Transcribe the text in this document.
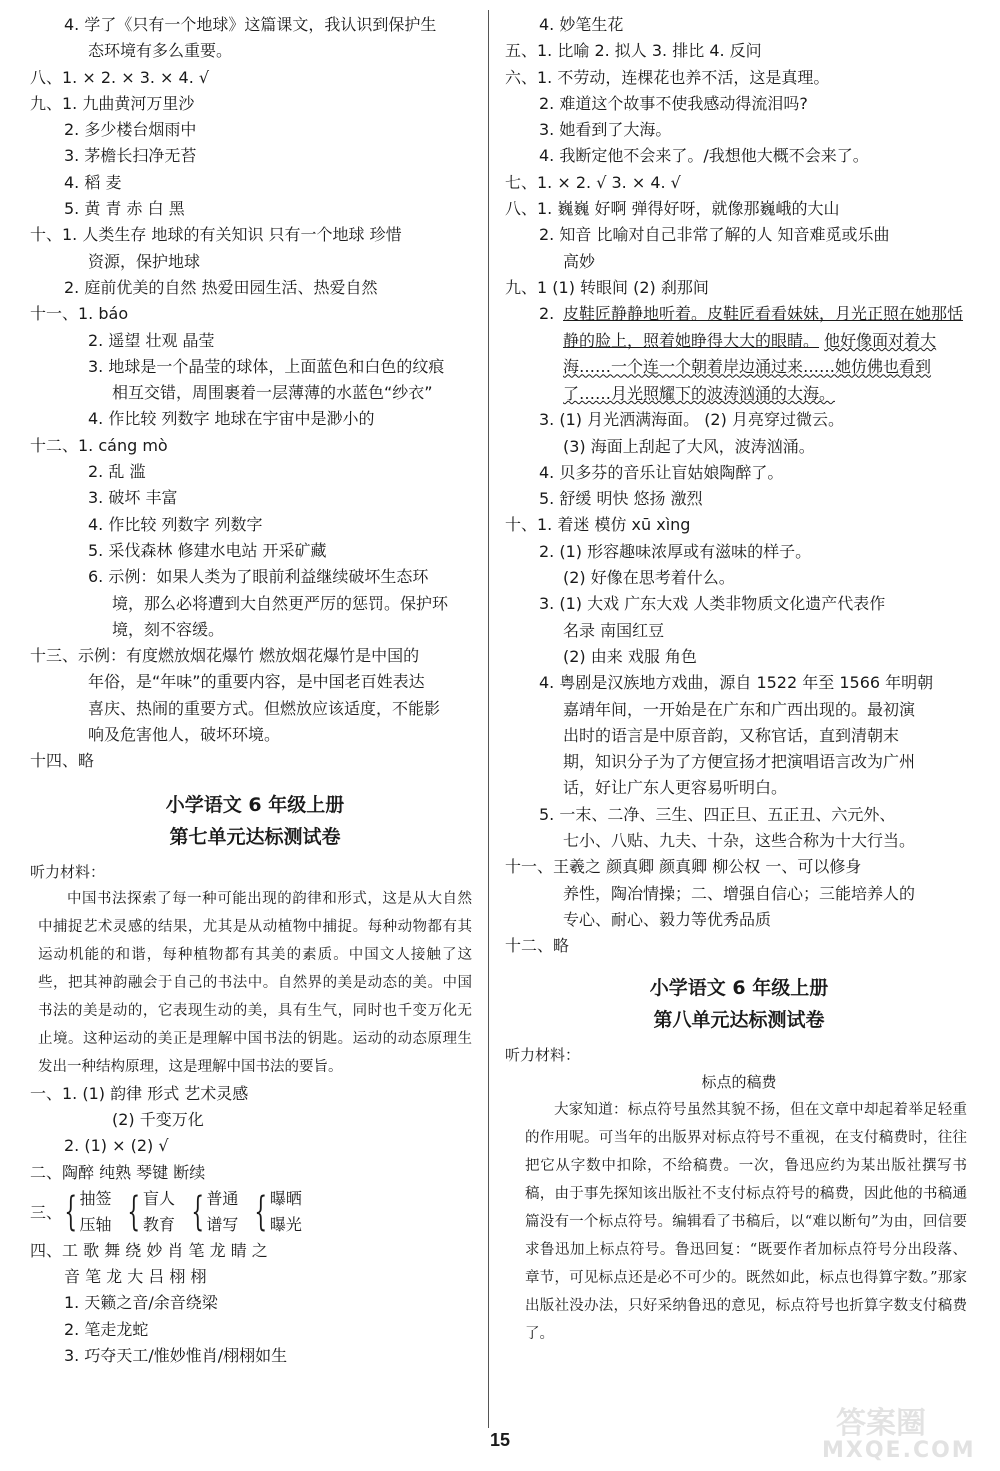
4. 学了《只有一个地球》这篇课文，我认识到保护生
态环境有多么重要。
八、1. × 2. × 3. × 4. √
九、1. 九曲黄河万里沙
2. 多少楼台烟雨中
3. 茅檐长扫净无苔
4. 稻 麦
5. 黄 青 赤 白 黑
十、1. 人类生存 地球的有关知识 只有一个地球 珍惜
资源，保护地球
2. 庭前优美的自然 热爱田园生活、热爱自然
十一、1. báo
2. 遥望 壮观 晶莹
3. 地球是一个晶莹的球体，上面蓝色和白色的纹痕
相互交错，周围裹着一层薄薄的水蓝色“纱衣”
4. 作比较 列数字 地球在宇宙中是渺小的
十二、1. cáng mò
2. 乱 滥
3. 破坏 丰富
4. 作比较 列数字 列数字
5. 采伐森林 修建水电站 开采矿藏
6. 示例：如果人类为了眼前利益继续破坏生态环
境，那么必将遭到大自然更严厉的惩罚。保护环
境，刻不容缓。
十三、示例：有度燃放烟花爆竹 燃放烟花爆竹是中国的
年俗，是“年味”的重要内容，是中国老百姓表达
喜庆、热闹的重要方式。但燃放应该适度，不能影
响及危害他人，破坏环境。
十四、略
小学语文 6 年级上册
第七单元达标测试卷
听力材料：
中国书法探索了每一种可能出现的韵律和形式，这是从大自然中捕捉艺术灵感的结果，尤其是从动植物中捕捉。每种动物都有其运动机能的和谐，每种植物都有其美的素质。中国文人接触了这些，把其神韵融会于自己的书法中。自然界的美是动态的美。中国书法的美是动的，它表现生动的美，具有生气，同时也千变万化无止境。这种运动的美正是理解中国书法的钥匙。运动的动态原理生发出一种结构原理，这是理解中国书法的要旨。
一、1. (1) 韵律 形式 艺术灵感
(2) 千变万化
2. (1) × (2) √
二、陶醉 纯熟 琴键 断续
三、 { 抽签
压轴 { 盲人
教育 { 普通
谱写 { 曝晒
曝光
四、工 歌 舞 绕 妙 肖 笔 龙 睛 之
音 笔 龙 大 吕 栩 栩
1. 天籁之音/余音绕梁
2. 笔走龙蛇
3. 巧夺天工/惟妙惟肖/栩栩如生
4. 妙笔生花
五、1. 比喻 2. 拟人 3. 排比 4. 反问
六、1. 不劳动，连棵花也养不活，这是真理。
2. 难道这个故事不使我感动得流泪吗?
3. 她看到了大海。
4. 我断定他不会来了。/我想他大概不会来了。
七、1. × 2. √ 3. × 4. √
八、1. 巍巍 好啊 弹得好呀，就像那巍峨的大山
2. 知音 比喻对自己非常了解的人 知音难觅或乐曲
高妙
九、1 (1) 转眼间 (2) 刹那间
2. 皮鞋匠静静地听着。皮鞋匠看看妹妹，月光正照在她那恬静的脸上，照着她睁得大大的眼睛。 他好像面对着大海……一个连一个朝着岸边涌过来……她仿佛也看到了……月光照耀下的波涛汹涌的大海。
3. (1) 月光洒满海面。 (2) 月亮穿过微云。
(3) 海面上刮起了大风，波涛汹涌。
4. 贝多芬的音乐让盲姑娘陶醉了。
5. 舒缓 明快 悠扬 激烈
十、1. 着迷 模仿 xū xìng
2. (1) 形容趣味浓厚或有滋味的样子。
(2) 好像在思考着什么。
3. (1) 大戏 广东大戏 人类非物质文化遗产代表作
名录 南国红豆
(2) 由来 戏服 角色
4. 粤剧是汉族地方戏曲，源自 1522 年至 1566 年明朝
嘉靖年间，一开始是在广东和广西出现的。最初演
出时的语言是中原音韵，又称官话，直到清朝末
期，知识分子为了方便宣扬才把演唱语言改为广州
话，好让广东人更容易听明白。
5. 一末、二净、三生、四正旦、五正丑、六元外、
七小、八贴、九夫、十杂，这些合称为十大行当。
十一、王羲之 颜真卿 颜真卿 柳公权 一、可以修身
养性，陶冶情操；二、增强自信心；三能培养人的
专心、耐心、毅力等优秀品质
十二、略
小学语文 6 年级上册
第八单元达标测试卷
听力材料：
标点的稿费
大家知道：标点符号虽然其貌不扬，但在文章中却起着举足轻重的作用呢。可当年的出版界对标点符号不重视，在支付稿费时，往往把它从字数中扣除，不给稿费。一次，鲁迅应约为某出版社撰写书稿，由于事先探知该出版社不支付标点符号的稿费，因此他的书稿通篇没有一个标点符号。编辑看了书稿后，以“难以断句”为由，回信要求鲁迅加上标点符号。鲁迅回复：“既要作者加标点符号分出段落、章节，可见标点还是必不可少的。既然如此，标点也得算字数。”那家出版社没办法，只好采纳鲁迅的意见，标点符号也折算字数支付稿费了。
15	答案圈
MXQE.COM
